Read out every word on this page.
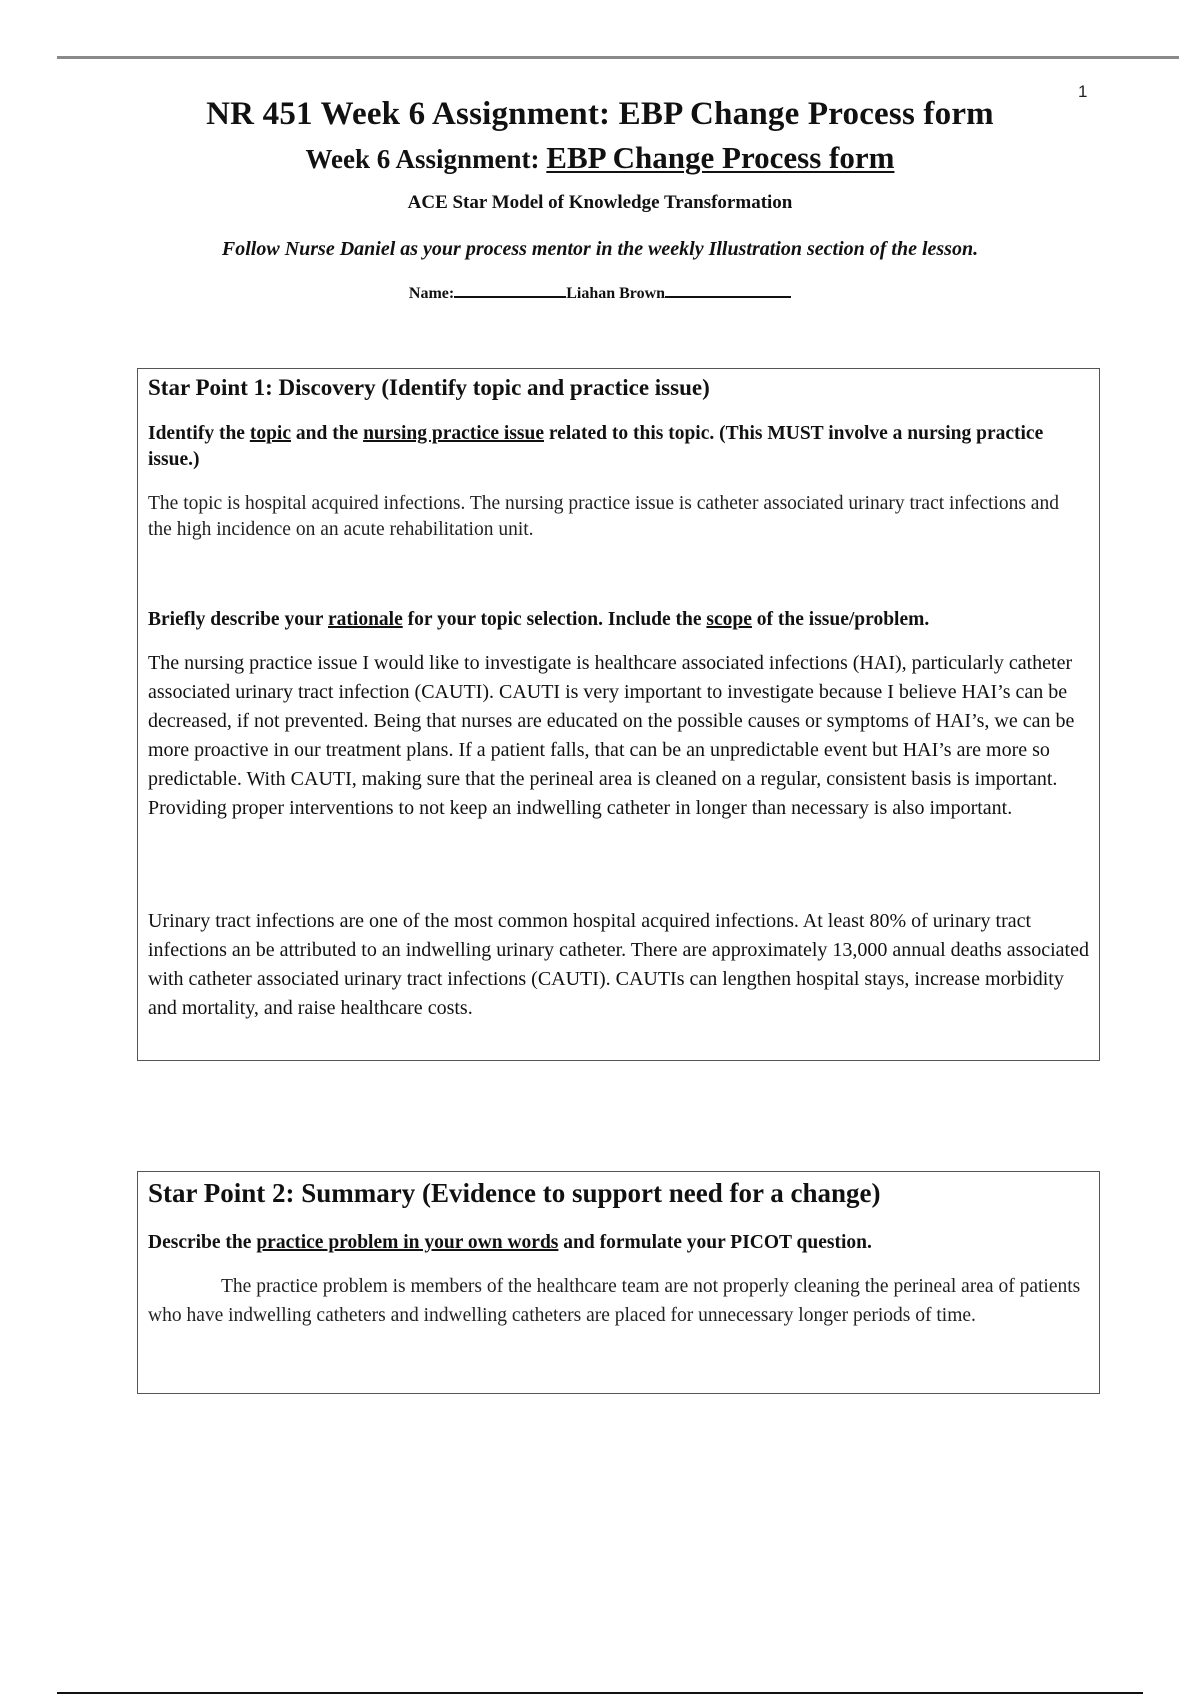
1
NR 451 Week 6 Assignment: EBP Change Process form
Week 6 Assignment: EBP Change Process form
ACE Star Model of Knowledge Transformation
Follow Nurse Daniel as your process mentor in the weekly Illustration section of the lesson.
Name:	Liahan Brown
Star Point 1: Discovery (Identify topic and practice issue)
Identify the topic and the nursing practice issue related to this topic. (This MUST involve a nursing practice issue.)
The topic is hospital acquired infections. The nursing practice issue is catheter associated urinary tract infections and the high incidence on an acute rehabilitation unit.
Briefly describe your rationale for your topic selection. Include the scope of the issue/problem.
The nursing practice issue I would like to investigate is healthcare associated infections (HAI), particularly catheter associated urinary tract infection (CAUTI). CAUTI is very important to investigate because I believe HAI’s can be decreased, if not prevented. Being that nurses are educated on the possible causes or symptoms of HAI’s, we can be more proactive in our treatment plans. If a patient falls, that can be an unpredictable event but HAI’s are more so predictable. With CAUTI, making sure that the perineal area is cleaned on a regular, consistent basis is important. Providing proper interventions to not keep an indwelling catheter in longer than necessary is also important.
Urinary tract infections are one of the most common hospital acquired infections. At least 80% of urinary tract infections an be attributed to an indwelling urinary catheter. There are approximately 13,000 annual deaths associated with catheter associated urinary tract infections (CAUTI). CAUTIs can lengthen hospital stays, increase morbidity and mortality, and raise healthcare costs.
Star Point 2: Summary (Evidence to support need for a change)
Describe the practice problem in your own words and formulate your PICOT question.
The practice problem is members of the healthcare team are not properly cleaning the perineal area of patients who have indwelling catheters and indwelling catheters are placed for unnecessary longer periods of time.
